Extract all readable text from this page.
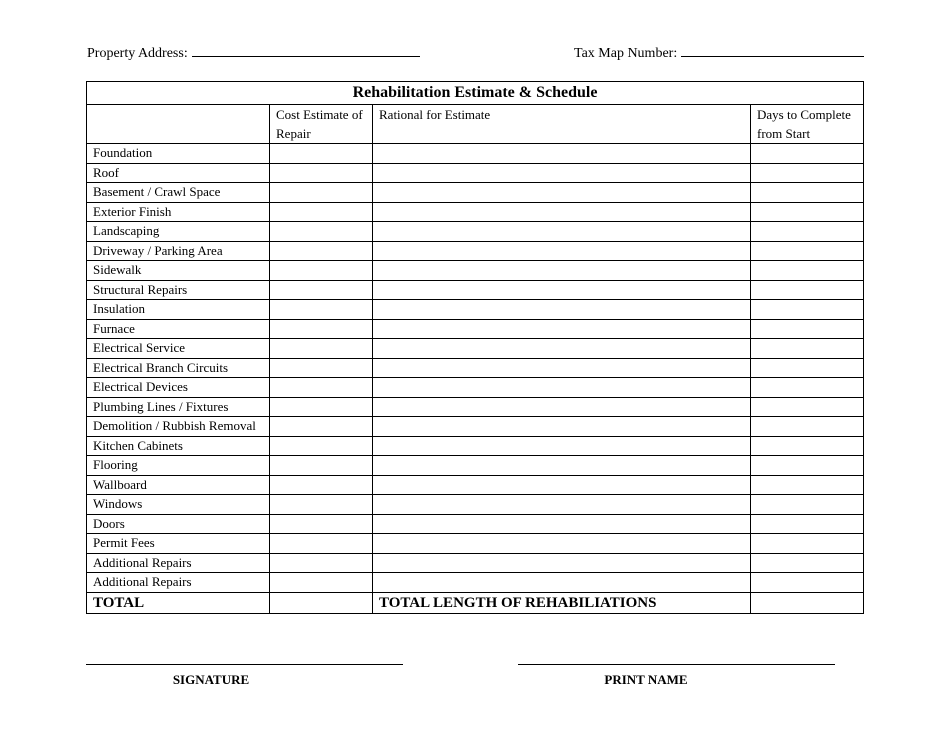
Property Address:	Tax Map Number:
Rehabilitation Estimate & Schedule			
	Cost Estimate of Repair	Rational for Estimate	Days to Complete from Start
Foundation			
Roof			
Basement / Crawl Space			
Exterior Finish			
Landscaping			
Driveway / Parking Area			
Sidewalk			
Structural Repairs			
Insulation			
Furnace			
Electrical Service			
Electrical Branch Circuits			
Electrical Devices			
Plumbing Lines / Fixtures			
Demolition / Rubbish Removal			
Kitchen Cabinets			
Flooring			
Wallboard			
Windows			
Doors			
Permit Fees			
Additional Repairs			
Additional Repairs			
TOTAL		TOTAL LENGTH OF REHABILIATIONS	
SIGNATURE	PRINT NAME
